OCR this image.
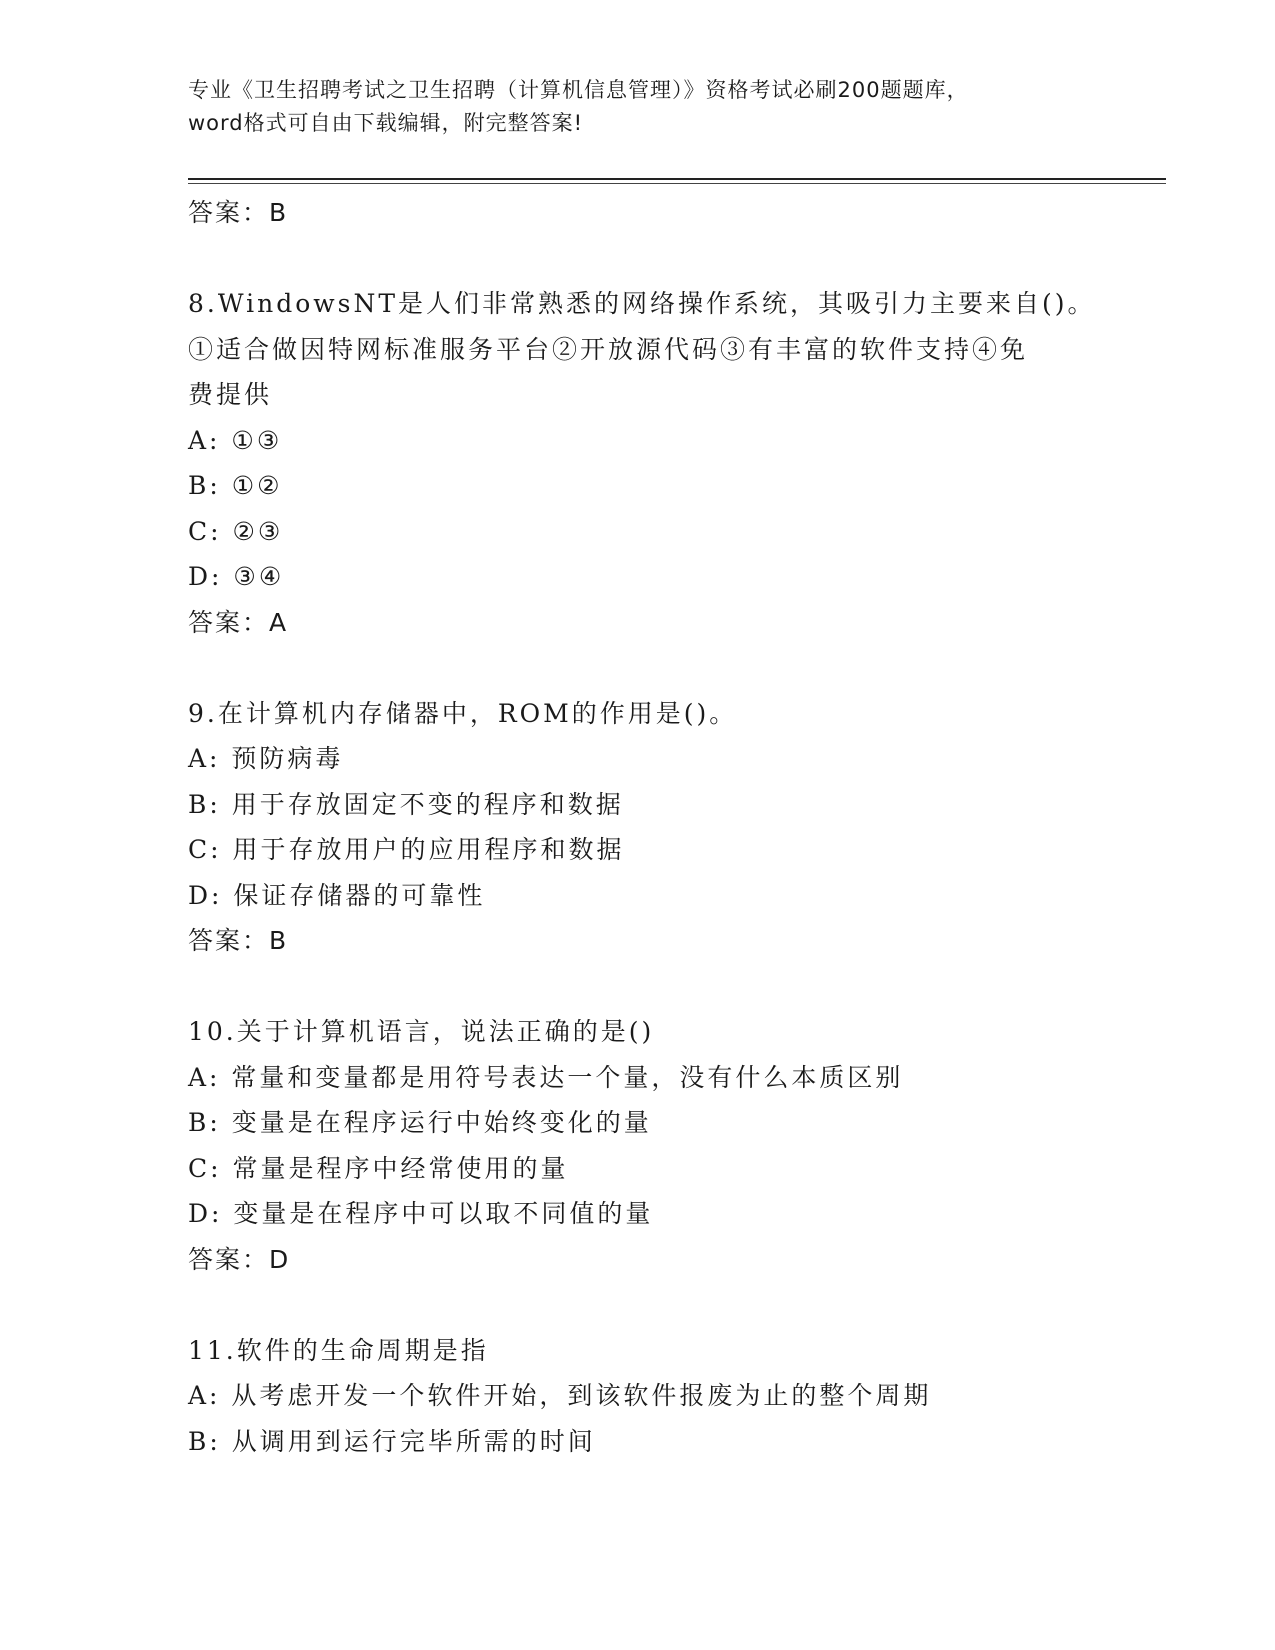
专业《卫生招聘考试之卫生招聘（计算机信息管理）》资格考试必刷200题题库，
word格式可自由下载编辑，附完整答案!
答案：B
8.WindowsNT是人们非常熟悉的网络操作系统，其吸引力主要来自()。
①适合做因特网标准服务平台②开放源代码③有丰富的软件支持④免
费提供
A: ①③
B: ①②
C: ②③
D: ③④
答案：A
9.在计算机内存储器中，ROM的作用是()。
A: 预防病毒
B: 用于存放固定不变的程序和数据
C: 用于存放用户的应用程序和数据
D: 保证存储器的可靠性
答案：B
10.关于计算机语言，说法正确的是()
A: 常量和变量都是用符号表达一个量，没有什么本质区别
B: 变量是在程序运行中始终变化的量
C: 常量是程序中经常使用的量
D: 变量是在程序中可以取不同值的量
答案：D
11.软件的生命周期是指
A: 从考虑开发一个软件开始，到该软件报废为止的整个周期
B: 从调用到运行完毕所需的时间
